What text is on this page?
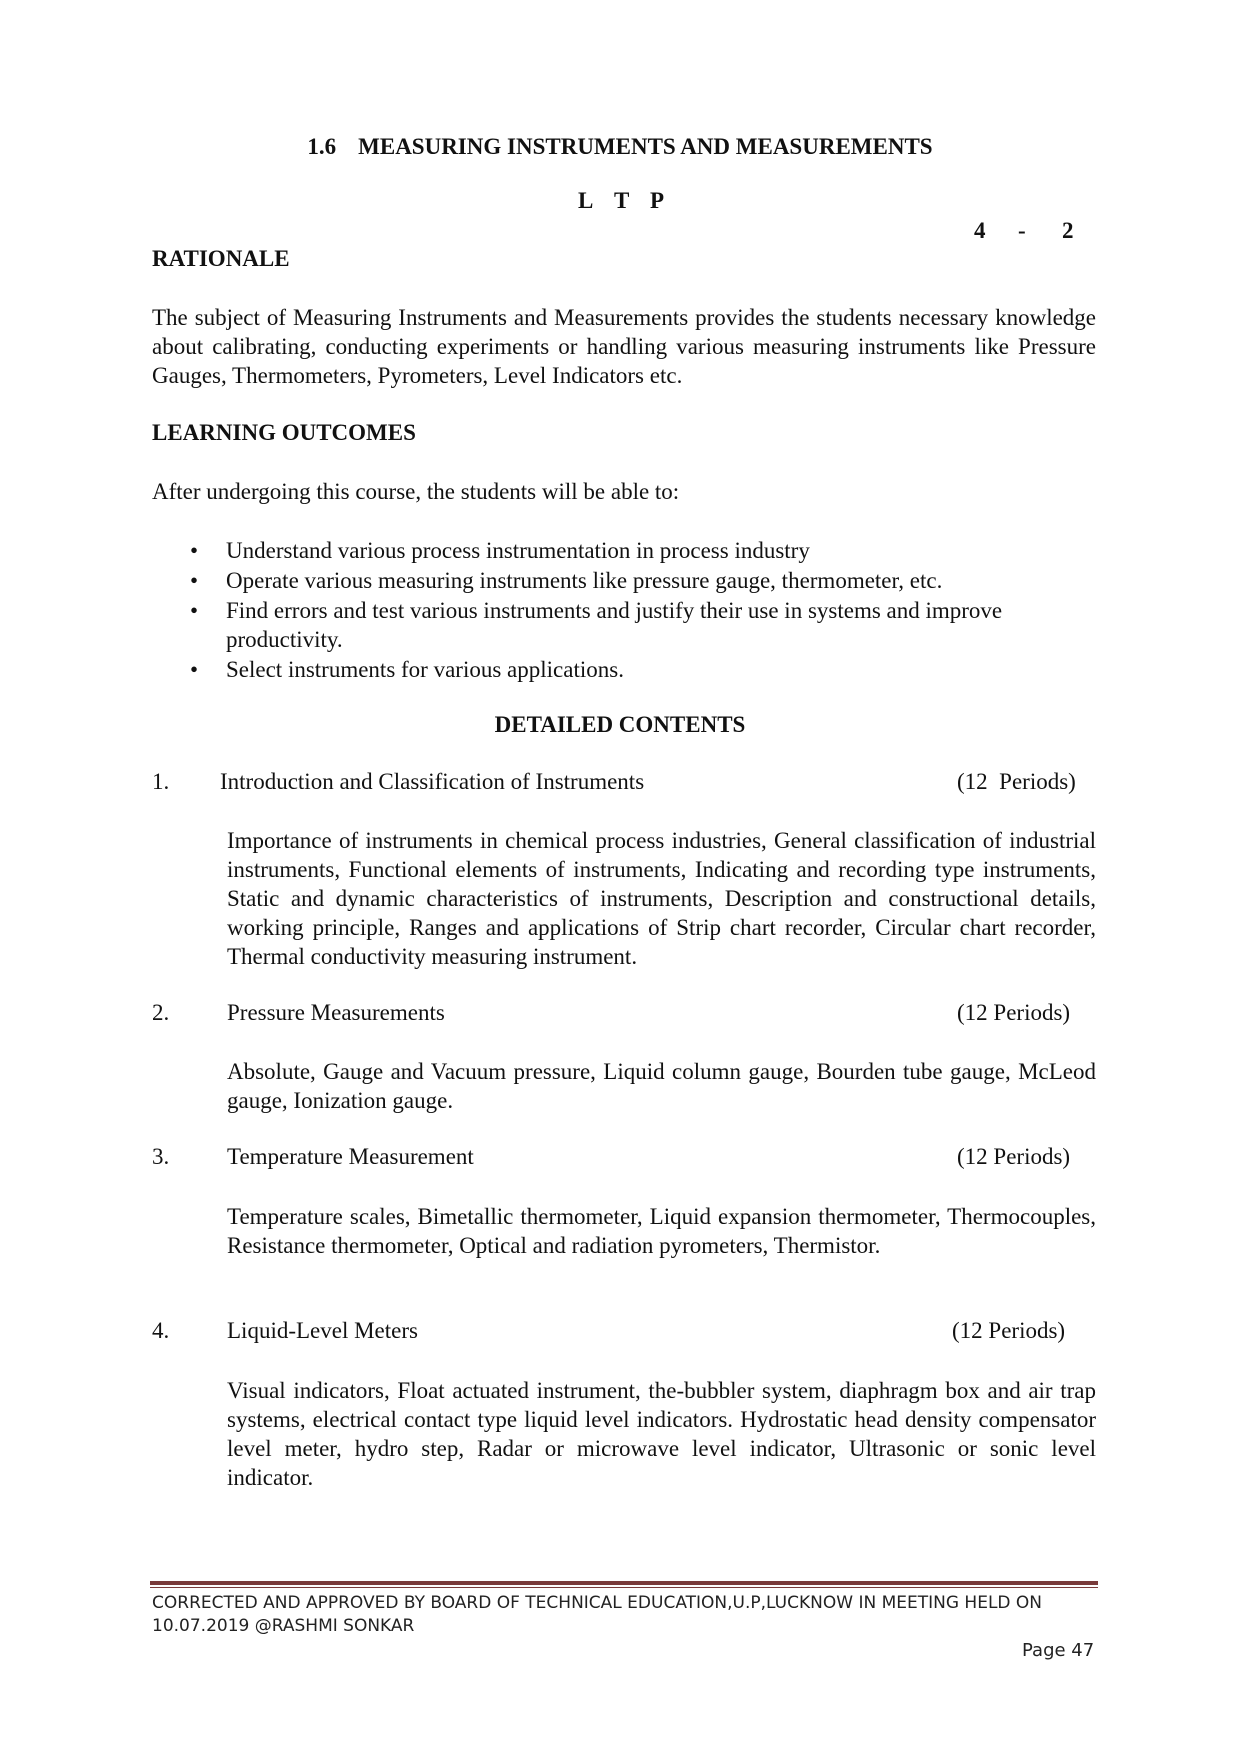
1.6 MEASURING INSTRUMENTS AND MEASUREMENTS
L T P
4 - 2
RATIONALE
The subject of Measuring Instruments and Measurements provides the students necessary knowledge about calibrating, conducting experiments or handling various measuring instruments like Pressure Gauges, Thermometers, Pyrometers, Level Indicators etc.
LEARNING OUTCOMES
After undergoing this course, the students will be able to:
• Understand various process instrumentation in process industry
• Operate various measuring instruments like pressure gauge, thermometer, etc.
• Find errors and test various instruments and justify their use in systems and improve productivity.
• Select instruments for various applications.
DETAILED CONTENTS
1. Introduction and Classification of Instruments	(12  Periods)
Importance of instruments in chemical process industries, General classification of industrial instruments, Functional elements of instruments, Indicating and recording type instruments, Static and dynamic characteristics of instruments, Description and constructional details, working principle, Ranges and applications of Strip chart recorder, Circular chart recorder, Thermal conductivity measuring instrument.
2.	Pressure Measurements	(12 Periods)
Absolute, Gauge and Vacuum pressure, Liquid column gauge, Bourden tube gauge, McLeod gauge, Ionization gauge.
3.	Temperature Measurement	(12 Periods)
Temperature scales, Bimetallic thermometer, Liquid expansion thermometer, Thermocouples, Resistance thermometer, Optical and radiation pyrometers, Thermistor.
4.	Liquid-Level Meters	(12 Periods)
Visual indicators, Float actuated instrument, the-bubbler system, diaphragm box and air trap systems, electrical contact type liquid level indicators. Hydrostatic head density compensator level meter, hydro step, Radar or microwave level indicator, Ultrasonic or sonic level indicator.
CORRECTED AND APPROVED BY BOARD OF TECHNICAL EDUCATION,U.P,LUCKNOW IN MEETING HELD ON 10.07.2019 @RASHMI SONKAR
Page 47
